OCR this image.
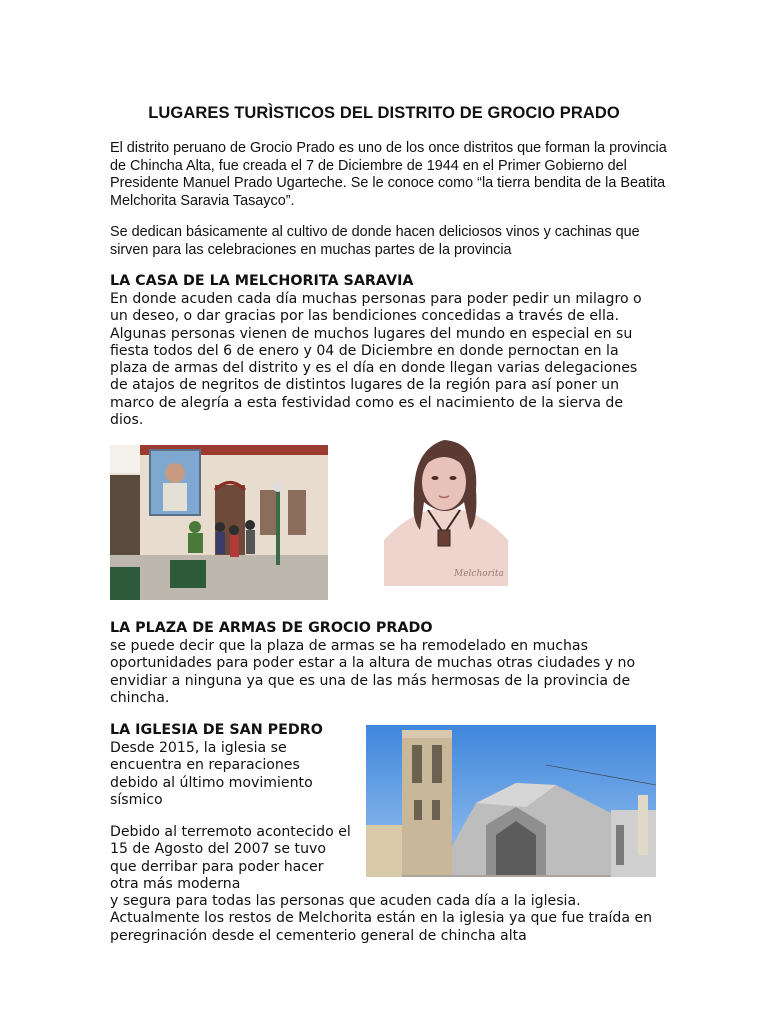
LUGARES TURÌSTICOS DEL DISTRITO DE GROCIO PRADO

El distrito peruano de Grocio Prado es uno de los once distritos que forman la provincia de Chincha Alta, fue creada el 7 de Diciembre de 1944 en el Primer Gobierno del Presidente Manuel Prado Ugarteche. Se le conoce como “la tierra bendita de la Beatita Melchorita Saravia Tasayco”.

Se dedican básicamente al cultivo de donde hacen deliciosos vinos y cachinas que sirven para las celebraciones en muchas partes de la provincia

LA CASA DE LA MELCHORITA SARAVIA

En donde acuden cada día muchas personas para poder pedir un milagro o un deseo, o dar gracias por las bendiciones concedidas a través de ella. Algunas personas vienen de muchos lugares del mundo en especial en su fiesta todos del 6 de enero y 04 de Diciembre en donde pernoctan en la plaza de armas del distrito y es el día en donde llegan varias delegaciones de atajos de negritos de distintos lugares de la región para así poner un marco de alegría a esta festividad como es el nacimiento de la sierva de dios.

Melchorita
LA PLAZA DE ARMAS DE GROCIO PRADO

se puede decir que la plaza de armas se ha remodelado en muchas oportunidades para poder estar a la altura de muchas otras ciudades y no envidiar a ninguna ya que es una de las más hermosas de la provincia de chincha.

LA IGLESIA DE SAN PEDRO

Desde 2015, la iglesia se encuentra en reparaciones debido al último movimiento sísmico

Debido al terremoto acontecido el 15 de Agosto del 2007 se tuvo que derribar para poder hacer otra más moderna

y segura para todas las personas que acuden cada día a la iglesia. Actualmente los restos de Melchorita están en la iglesia ya que fue traída en peregrinación desde el cementerio general de chincha alta
